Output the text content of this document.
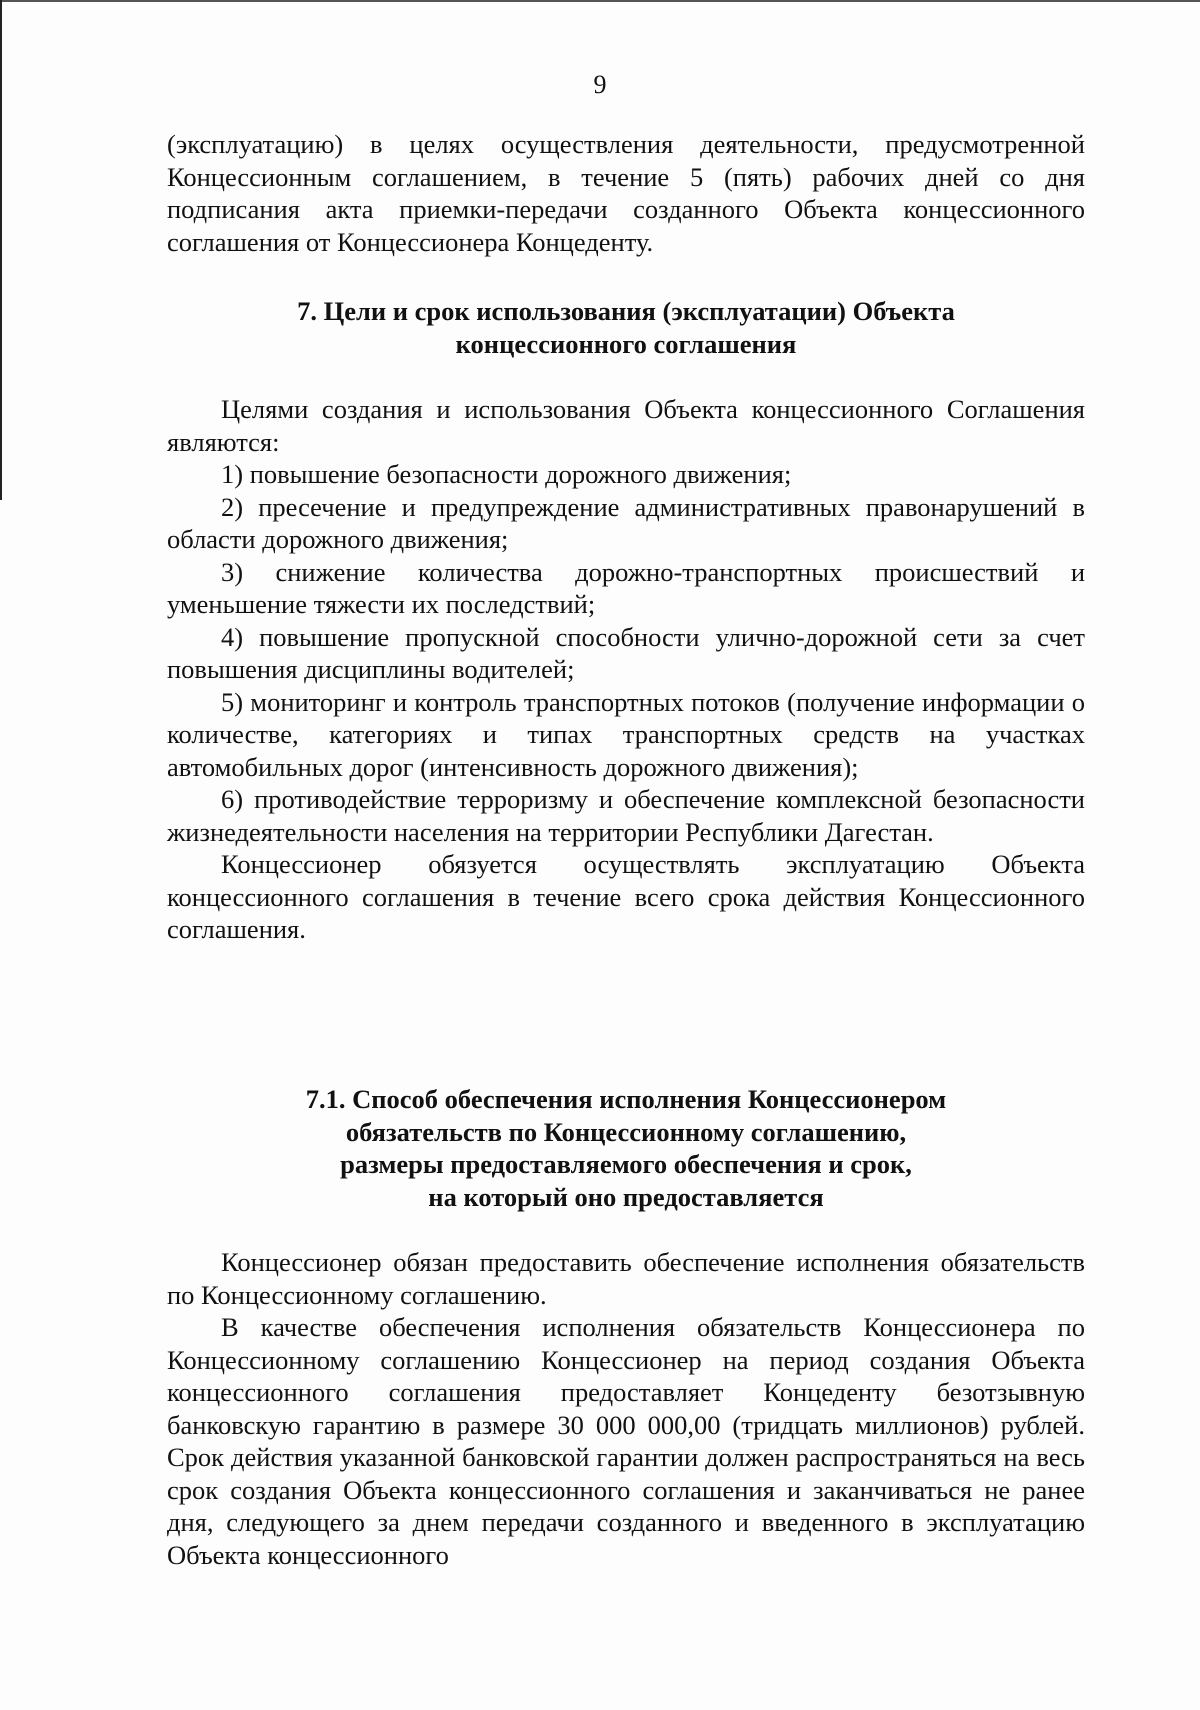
9

(эксплуатацию) в целях осуществления деятельности, предусмотренной Концессионным соглашением, в течение 5 (пять) рабочих дней со дня подписания акта приемки-передачи созданного Объекта концессионного соглашения от Концессионера Концеденту.

7. Цели и срок использования (эксплуатации) Объекта
концессионного соглашения

Целями создания и использования Объекта концессионного Соглашения являются:

1) повышение безопасности дорожного движения;

2) пресечение и предупреждение административных правонарушений в области дорожного движения;

3) снижение количества дорожно-транспортных происшествий и уменьшение тяжести их последствий;

4) повышение пропускной способности улично-дорожной сети за счет повышения дисциплины водителей;

5) мониторинг и контроль транспортных потоков (получение информации о количестве, категориях и типах транспортных средств на участках автомобильных дорог (интенсивность дорожного движения);

6) противодействие терроризму и обеспечение комплексной безопасности жизнедеятельности населения на территории Республики Дагестан.

Концессионер обязуется осуществлять эксплуатацию Объекта концессионного соглашения в течение всего срока действия Концессионного соглашения.

7.1. Способ обеспечения исполнения Концессионером
обязательств по Концессионному соглашению,
размеры предоставляемого обеспечения и срок,
на который оно предоставляется

Концессионер обязан предоставить обеспечение исполнения обязательств по Концессионному соглашению.

В качестве обеспечения исполнения обязательств Концессионера по Концессионному соглашению Концессионер на период создания Объекта концессионного соглашения предоставляет Концеденту безотзывную банковскую гарантию в размере 30 000 000,00 (тридцать миллионов) рублей. Срок действия указанной банковской гарантии должен распространяться на весь срок создания Объекта концессионного соглашения и заканчиваться не ранее дня, следующего за днем передачи созданного и введенного в эксплуатацию Объекта концессионного
